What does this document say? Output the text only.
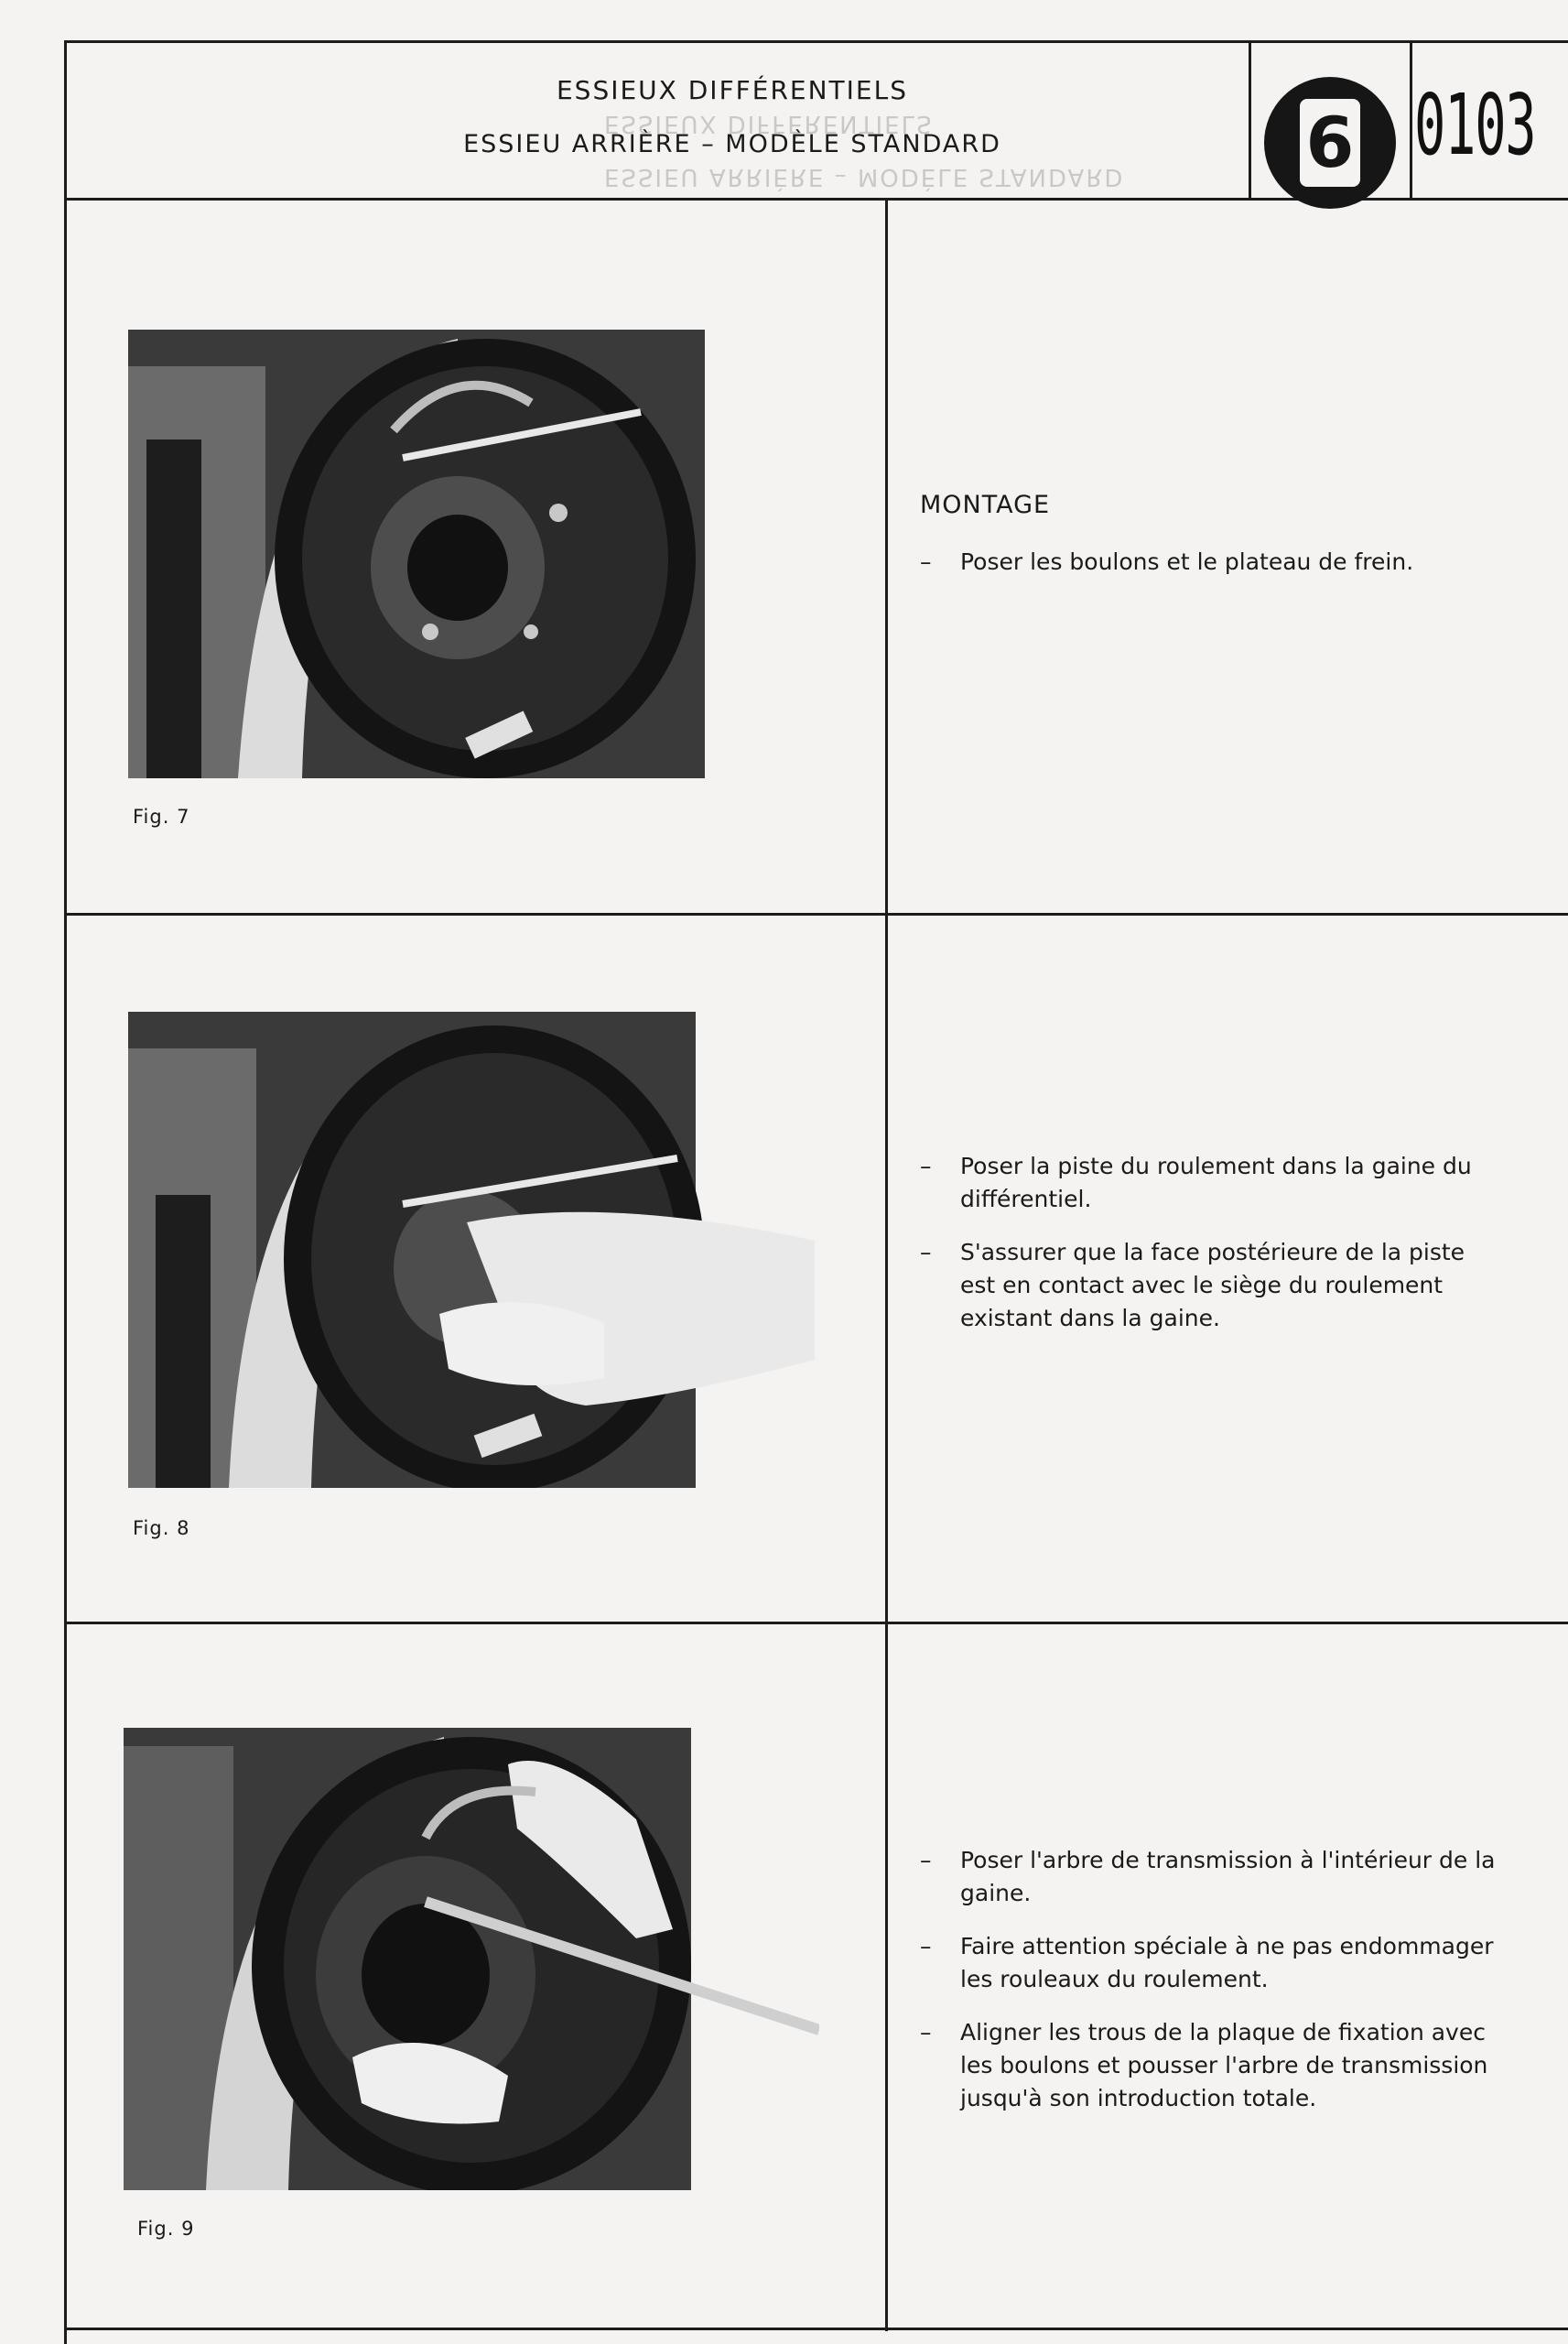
ESSIEUX DIFFÉRENTIELS
ESSIEU ARRIÈRE – MODÈLE STANDARD
ESSIEUX DIFFÉRENTIELS
ESSIEU ARRIÈRE – MODÈLE STANDARD	6 0103
Fig. 7
MONTAGE
– Poser les boulons et le plateau de frein.
Fig. 8
– Poser la piste du roulement dans la gaine du différentiel.
– S'assurer que la face postérieure de la piste est en contact avec le siège du roulement existant dans la gaine.
Fig. 9
– Poser l'arbre de transmission à l'intérieur de la gaine.
– Faire attention spéciale à ne pas endommager les rouleaux du roulement.
– Aligner les trous de la plaque de fixation avec les boulons et pousser l'arbre de transmission jusqu'à son introduction totale.
